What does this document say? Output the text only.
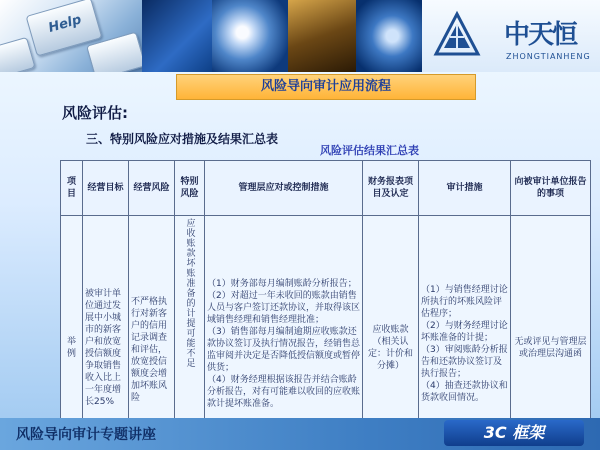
Help	中天恒
ZHONGTIANHENG
风险导向审计应用流程
风险评估:
三、特别风险应对措施及结果汇总表
风险评估结果汇总表
项目	经营目标	经营风险	特别风险	管理层应对或控制措施	财务报表项目及认定	审计措施	向被审计单位报告的事项
举例	被审计单位通过发展中小城市的新客户和放宽授信额度争取销售收入比上一年度增长25%	不严格执行对新客户的信用记录调查和评估，放宽授信额度会增加坏账风险	应收账款坏账准备的计提可能不足	（1）财务部每月编制账龄分析报告；
（2）对超过一年未收回的账款由销售人员与客户签订还款协议，并取得该区域销售经理和销售经理批准；
（3）销售部每月编制逾期应收账款还款协议签订及执行情况报告，经销售总监审阅并决定是否降低授信额度或暂停供货；
（4）财务经理根据该报告并结合账龄分析报告，对有可能难以收回的应收账款计提坏账准备。	应收账款
（相关认定：计价和分摊）	（1）与销售经理讨论所执行的坏账风险评估程序；
（2）与财务经理讨论坏账准备的计提；
（3）审阅账龄分析报告和还款协议签订及执行报告；
（4）抽查还款协议和货款收回情况。	无或评见与管理层或治理层沟通函
风险导向审计专题讲座	3C 框架
